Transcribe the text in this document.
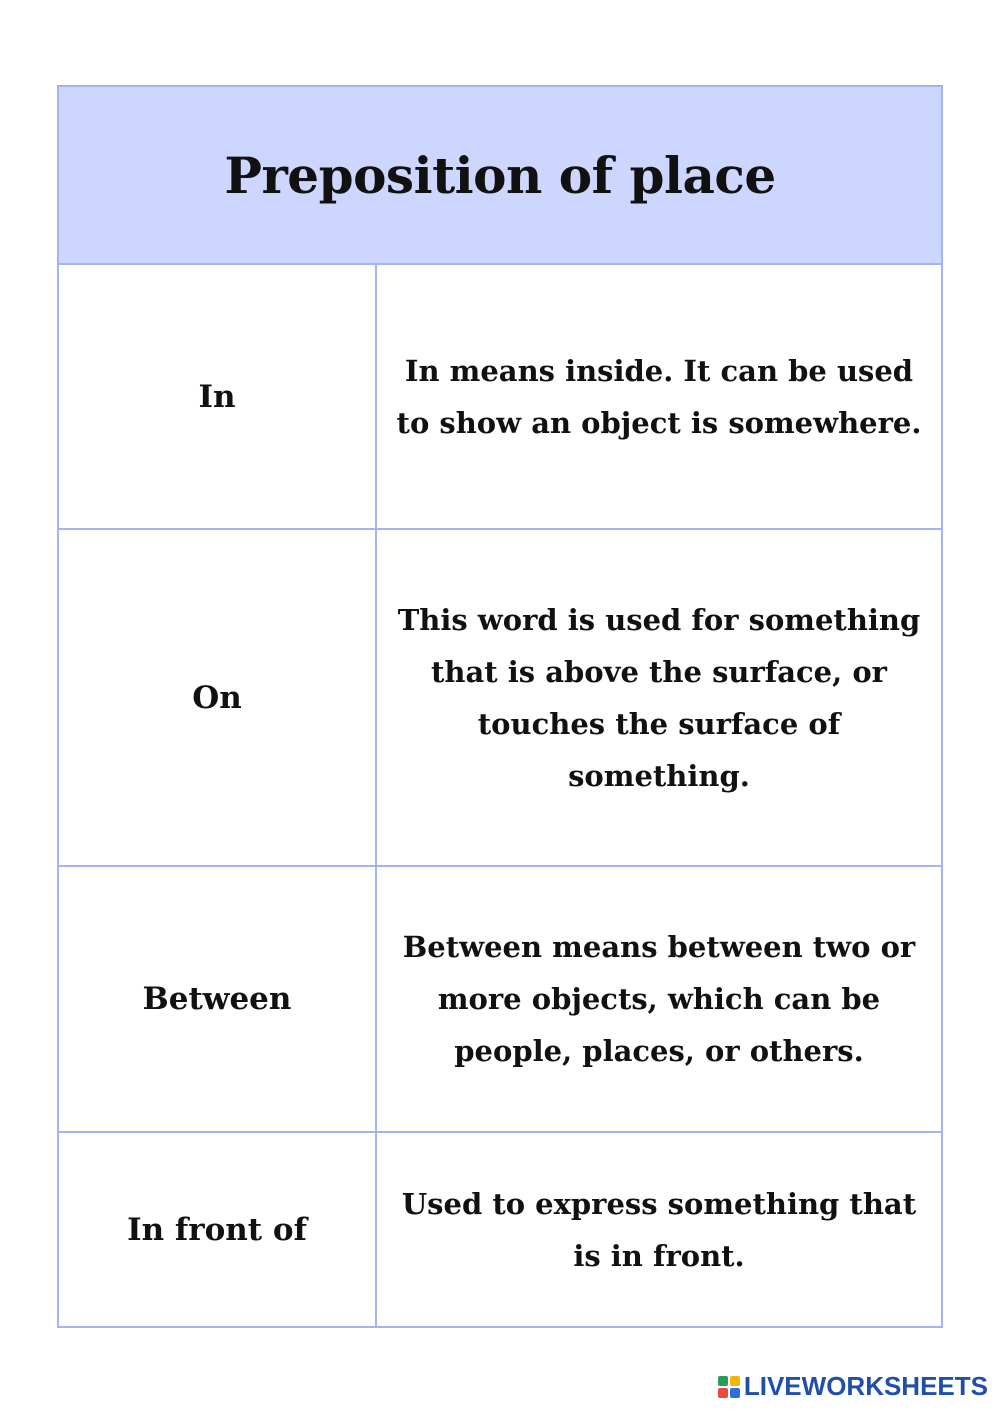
Preposition of place
In
In means inside. It can be used to show an object is somewhere.
On
This word is used for something that is above the surface, or touches the surface of something.
Between
Between means between two or more objects, which can be people, places, or others.
In front of
Used to express something that is in front.
LIVEWORKSHEETS
